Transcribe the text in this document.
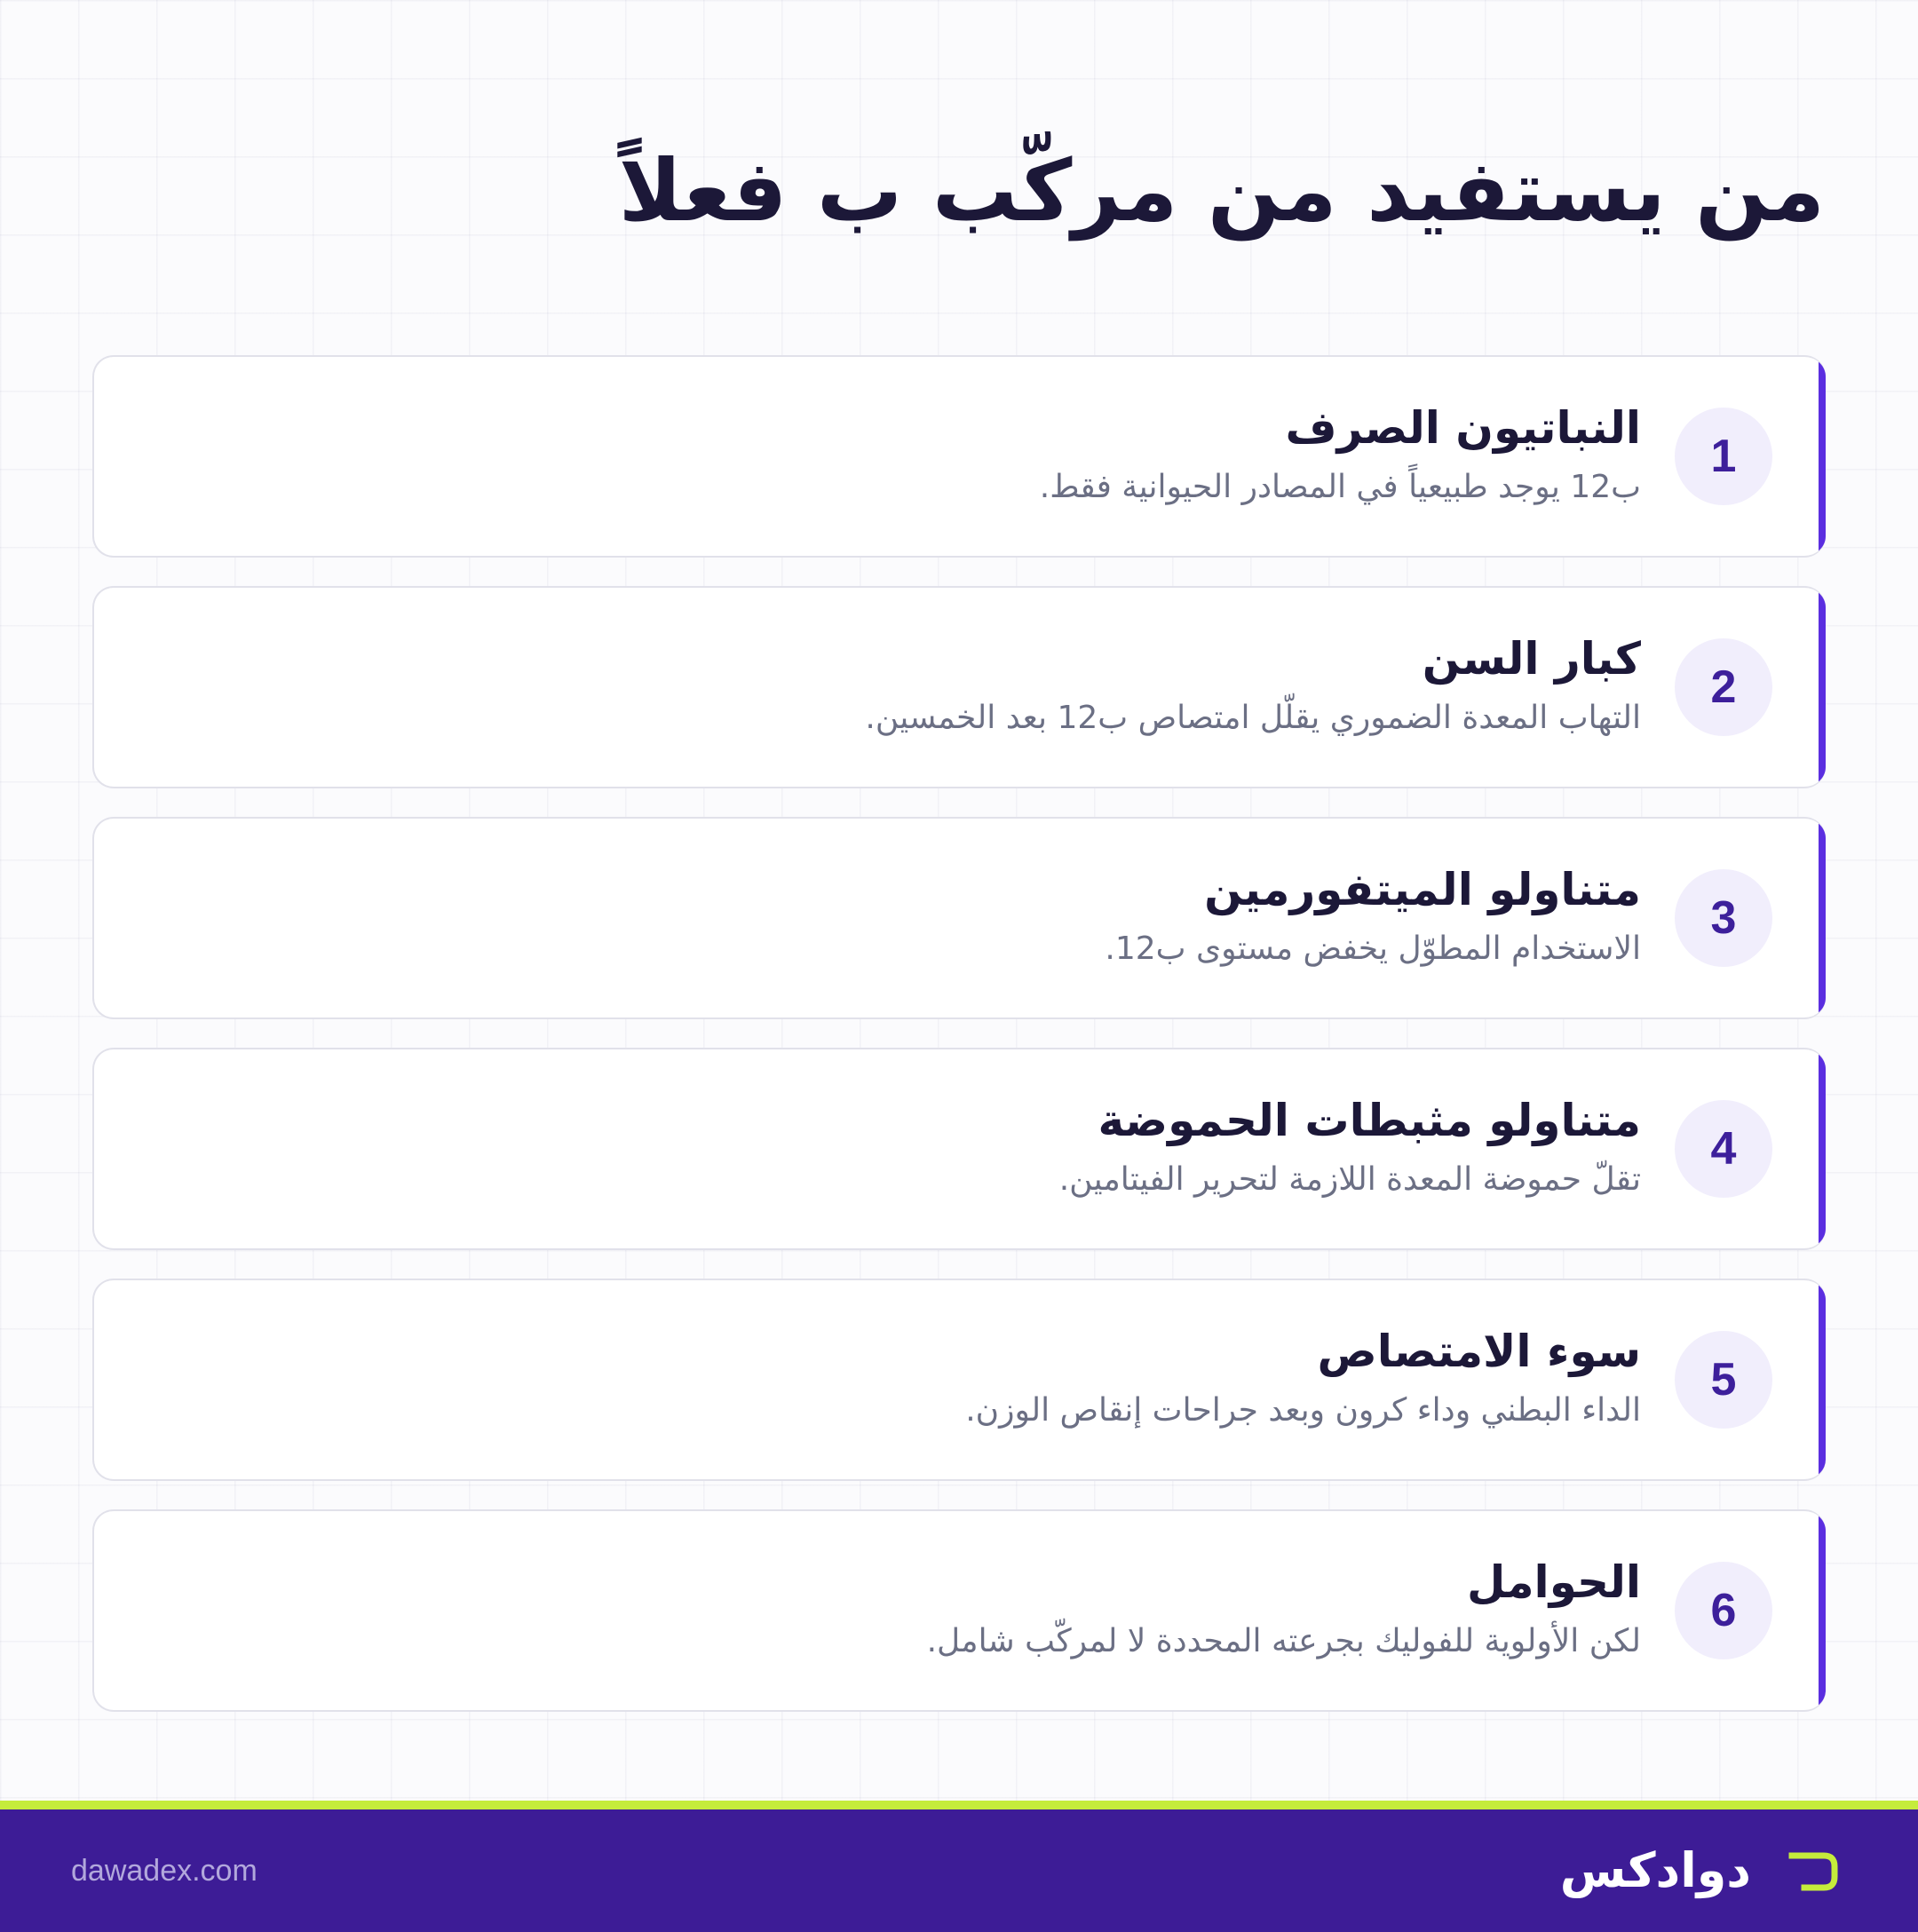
من يستفيد من مركّب ب فعلاً
1
النباتيون الصرف
ب12 يوجد طبيعياً في المصادر الحيوانية فقط.
2
كبار السن
التهاب المعدة الضموري يقلّل امتصاص ب12 بعد الخمسين.
3
متناولو الميتفورمين
الاستخدام المطوّل يخفض مستوى ب12.
4
متناولو مثبطات الحموضة
تقلّ حموضة المعدة اللازمة لتحرير الفيتامين.
5
سوء الامتصاص
الداء البطني وداء كرون وبعد جراحات إنقاص الوزن.
6
الحوامل
لكن الأولوية للفوليك بجرعته المحددة لا لمركّب شامل.
dawadex.com	دوادكس
